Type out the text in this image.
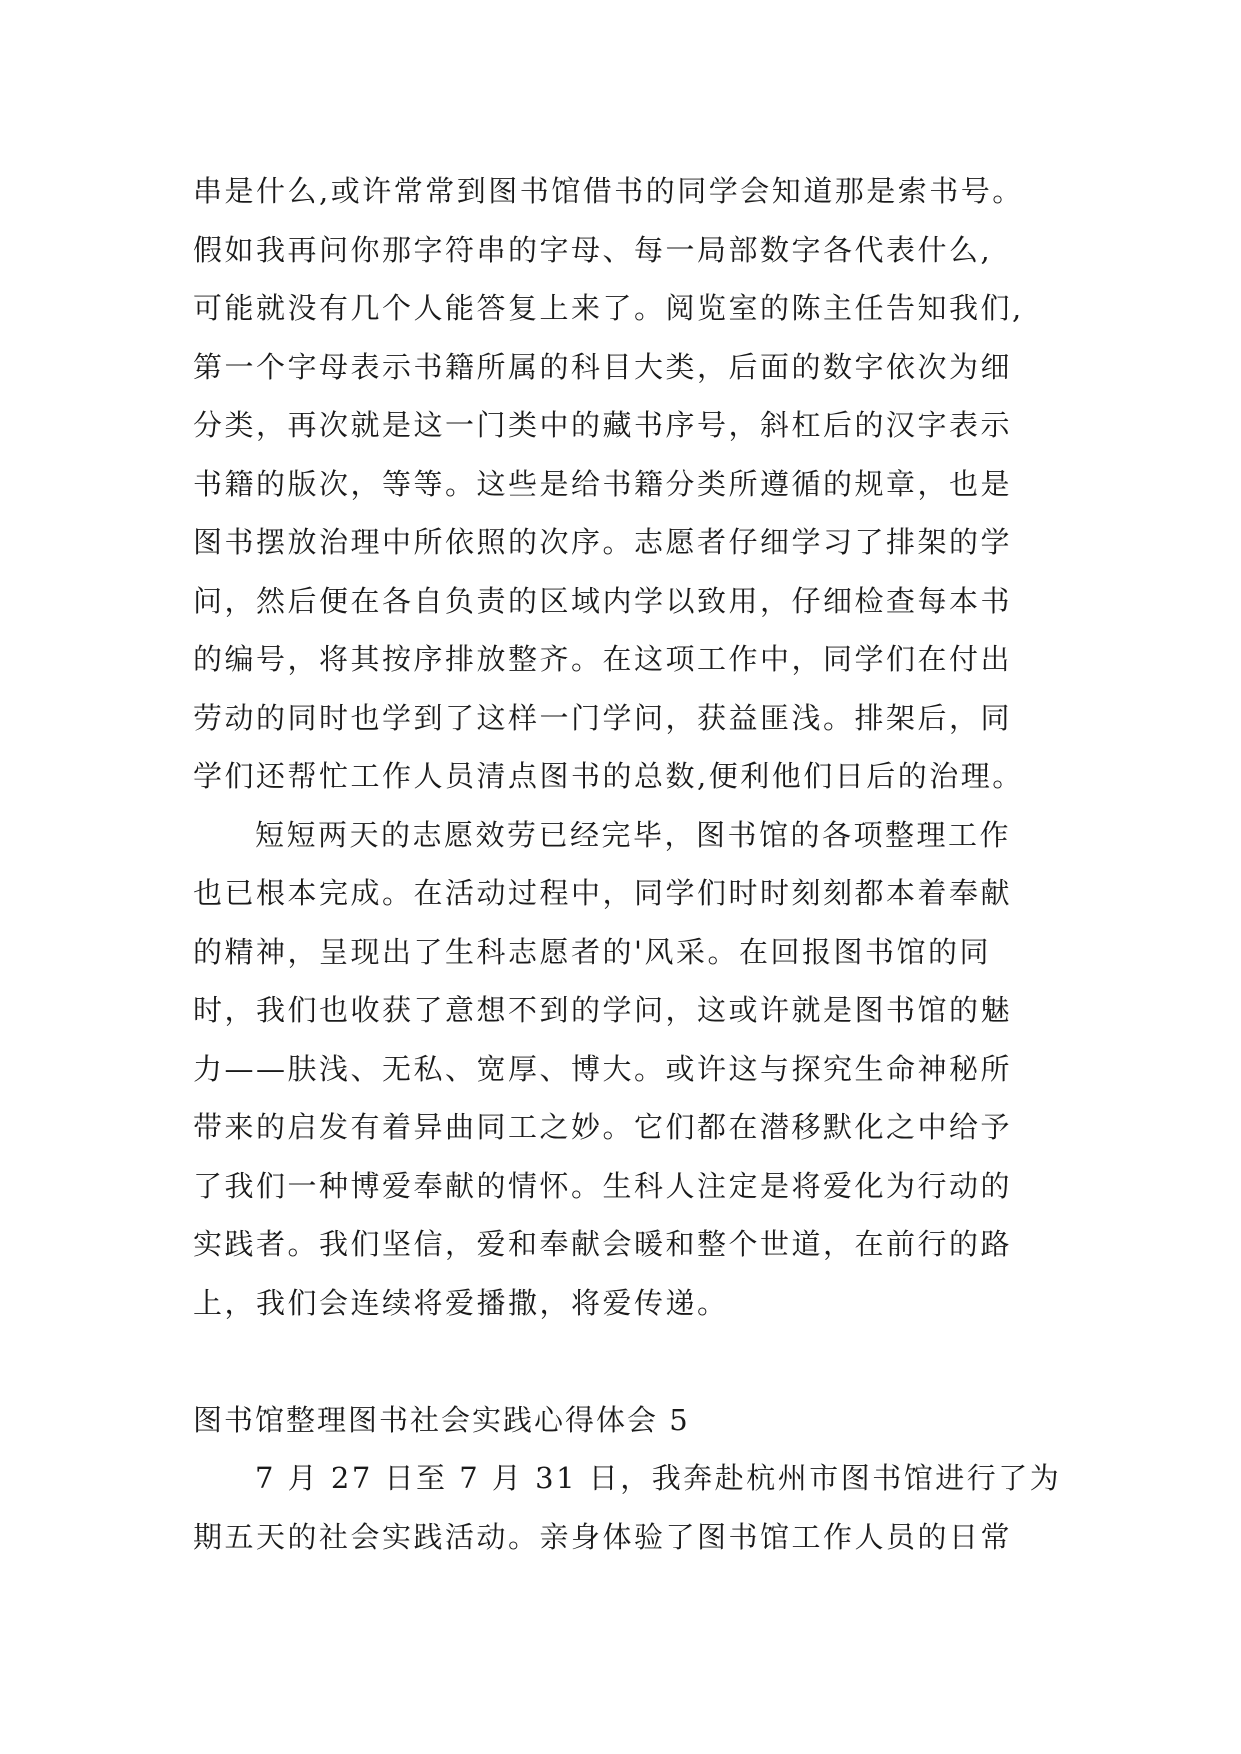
串是什么,或许常常到图书馆借书的同学会知道那是索书号。
假如我再问你那字符串的字母、每一局部数字各代表什么,
可能就没有几个人能答复上来了。阅览室的陈主任告知我们,
第一个字母表示书籍所属的科目大类，后面的数字依次为细
分类，再次就是这一门类中的藏书序号，斜杠后的汉字表示
书籍的版次，等等。这些是给书籍分类所遵循的规章，也是
图书摆放治理中所依照的次序。志愿者仔细学习了排架的学
问，然后便在各自负责的区域内学以致用，仔细检查每本书
的编号，将其按序排放整齐。在这项工作中，同学们在付出
劳动的同时也学到了这样一门学问，获益匪浅。排架后，同
学们还帮忙工作人员清点图书的总数,便利他们日后的治理。
短短两天的志愿效劳已经完毕，图书馆的各项整理工作
也已根本完成。在活动过程中，同学们时时刻刻都本着奉献
的精神，呈现出了生科志愿者的'风采。在回报图书馆的同
时，我们也收获了意想不到的学问，这或许就是图书馆的魅
力——肤浅、无私、宽厚、博大。或许这与探究生命神秘所
带来的启发有着异曲同工之妙。它们都在潜移默化之中给予
了我们一种博爱奉献的情怀。生科人注定是将爱化为行动的
实践者。我们坚信，爱和奉献会暖和整个世道，在前行的路
上，我们会连续将爱播撒，将爱传递。
图书馆整理图书社会实践心得体会 5
7 月 27 日至 7 月 31 日，我奔赴杭州市图书馆进行了为
期五天的社会实践活动。亲身体验了图书馆工作人员的日常
